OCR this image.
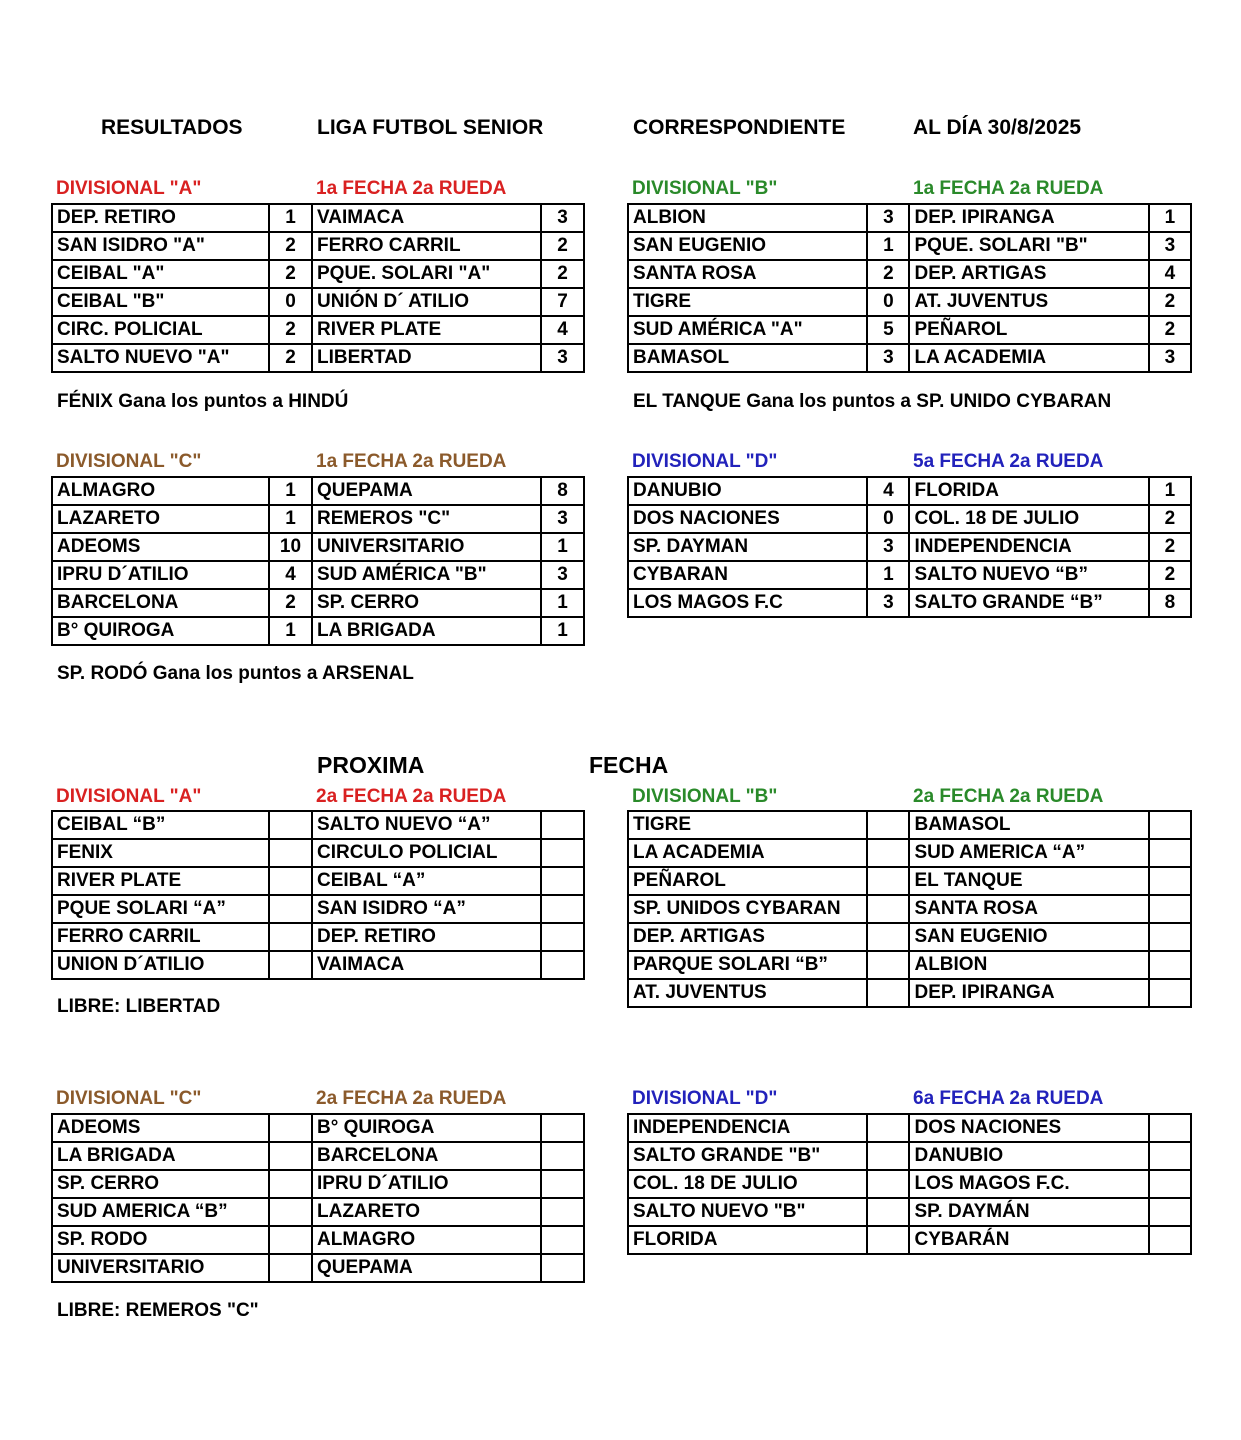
RESULTADOS	LIGA FUTBOL SENIOR	CORRESPONDIENTE	AL DÍA 30/8/2025
DIVISIONAL "A"	1a FECHA 2a RUEDA
DEP. RETIRO	1	VAIMACA	3
SAN ISIDRO "A"	2	FERRO CARRIL	2
CEIBAL "A"	2	PQUE. SOLARI "A"	2
CEIBAL "B"	0	UNIÓN D´ ATILIO	7
CIRC. POLICIAL	2	RIVER PLATE	4
SALTO NUEVO "A"	2	LIBERTAD	3
FÉNIX Gana los puntos a HINDÚ
DIVISIONAL "B"	1a FECHA 2a RUEDA
ALBION	3	DEP. IPIRANGA	1
SAN EUGENIO	1	PQUE. SOLARI "B"	3
SANTA ROSA	2	DEP. ARTIGAS	4
TIGRE	0	AT. JUVENTUS	2
SUD AMÉRICA "A"	5	PEÑAROL	2
BAMASOL	3	LA ACADEMIA	3
EL TANQUE Gana los puntos a SP. UNIDO CYBARAN
DIVISIONAL "C"	1a FECHA 2a RUEDA
ALMAGRO	1	QUEPAMA	8
LAZARETO	1	REMEROS "C"	3
ADEOMS	10	UNIVERSITARIO	1
IPRU D´ATILIO	4	SUD AMÉRICA "B"	3
BARCELONA	2	SP. CERRO	1
B° QUIROGA	1	LA BRIGADA	1
SP. RODÓ Gana los puntos a ARSENAL
DIVISIONAL "D"	5a FECHA 2a RUEDA
DANUBIO	4	FLORIDA	1
DOS NACIONES	0	COL. 18 DE JULIO	2
SP. DAYMAN	3	INDEPENDENCIA	2
CYBARAN	1	SALTO NUEVO “B”	2
LOS MAGOS F.C	3	SALTO GRANDE “B”	8
PROXIMA	FECHA
DIVISIONAL "A"	2a FECHA 2a RUEDA
CEIBAL “B”		SALTO NUEVO “A”	
FENIX		CIRCULO POLICIAL	
RIVER PLATE		CEIBAL “A”	
PQUE SOLARI “A”		SAN ISIDRO “A”	
FERRO CARRIL		DEP. RETIRO	
UNION D´ATILIO		VAIMACA	
LIBRE: LIBERTAD
DIVISIONAL "B"	2a FECHA 2a RUEDA
TIGRE		BAMASOL	
LA ACADEMIA		SUD AMERICA “A”	
PEÑAROL		EL TANQUE	
SP. UNIDOS CYBARAN		SANTA ROSA	
DEP. ARTIGAS		SAN EUGENIO	
PARQUE SOLARI “B”		ALBION	
AT. JUVENTUS		DEP. IPIRANGA	
DIVISIONAL "C"	2a FECHA 2a RUEDA
ADEOMS		B° QUIROGA	
LA BRIGADA		BARCELONA	
SP. CERRO		IPRU D´ATILIO	
SUD AMERICA “B”		LAZARETO	
SP. RODO		ALMAGRO	
UNIVERSITARIO		QUEPAMA	
LIBRE: REMEROS "C"
DIVISIONAL "D"	6a FECHA 2a RUEDA
INDEPENDENCIA		DOS NACIONES	
SALTO GRANDE "B"		DANUBIO	
COL. 18 DE JULIO		LOS MAGOS F.C.	
SALTO NUEVO "B"		SP. DAYMÁN	
FLORIDA		CYBARÁN	
